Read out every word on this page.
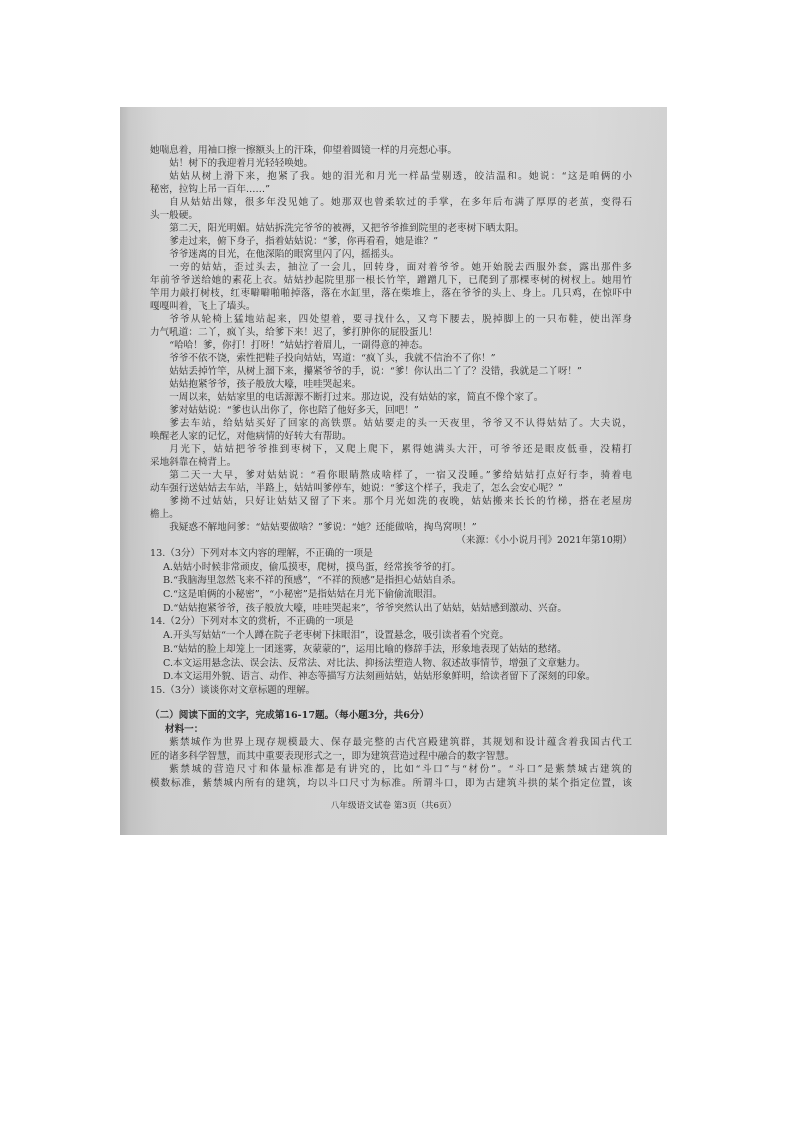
她喘息着，用袖口擦一擦额头上的汗珠，仰望着圆镜一样的月亮想心事。
姑！树下的我迎着月光轻轻唤她。
姑姑从树上滑下来，抱紧了我。她的泪光和月光一样晶莹剔透，皎洁温和。她说：“这是咱俩的小
秘密，拉钩上吊一百年……”
自从姑姑出嫁，很多年没见她了。她那双也曾柔软过的手掌，在多年后布满了厚厚的老茧，变得石
头一般硬。
第二天，阳光明媚。姑姑拆洗完爷爷的被褥，又把爷爷推到院里的老枣树下晒太阳。
爹走过来，俯下身子，指着姑姑说：“爹，你再看看，她是谁？”
爷爷迷离的目光，在他深陷的眼窝里闪了闪，摇摇头。
一旁的姑姑，歪过头去，抽泣了一会儿，回转身，面对着爷爷。她开始脱去西服外套，露出那件多
年前爷爷送给她的素花上衣。姑姑抄起院里那一根长竹竿，蹭蹭几下，已爬到了那棵枣树的树杈上。她用竹
竿用力敲打树枝，红枣噼噼啪啪掉落，落在水缸里，落在柴堆上，落在爷爷的头上、身上。几只鸡，在惊吓中
嘎嘎叫着，飞上了墙头。
爷爷从轮椅上猛地站起来，四处望着，要寻找什么，又弯下腰去，脱掉脚上的一只布鞋，使出浑身
力气吼道：二丫，疯丫头，给爹下来！迟了，爹打肿你的屁股蛋儿！
“哈哈！爹，你打！打呀！”姑姑拧着眉儿，一副得意的神态。
爷爷不依不饶，索性把鞋子投向姑姑，骂道：“疯丫头，我就不信治不了你！”
姑姑丢掉竹竿，从树上溜下来，攥紧爷爷的手，说：“爹！你认出二丫了？没错，我就是二丫呀！”
姑姑抱紧爷爷，孩子般放大嚎，哇哇哭起来。
一周以来，姑姑家里的电话源源不断打过来。那边说，没有姑姑的家，简直不像个家了。
爹对姑姑说：“爹也认出你了，你也陪了他好多天，回吧！”
爹去车站，给姑姑买好了回家的高铁票。姑姑要走的头一天夜里，爷爷又不认得姑姑了。大夫说，
唤醒老人家的记忆，对他病情的好转大有帮助。
月光下，姑姑把爷爷推到枣树下，又爬上爬下，累得她满头大汗，可爷爷还是眼皮低垂，没精打
采地斜靠在椅背上。
第二天一大早，爹对姑姑说：“看你眼睛熬成啥样了，一宿又没睡。”爹给姑姑打点好行李，骑着电
动车强行送姑姑去车站，半路上，姑姑叫爹停车，她说：“爹这个样子，我走了，怎么会安心呢？”
爹拗不过姑姑，只好让姑姑又留了下来。那个月光如洗的夜晚，姑姑搬来长长的竹梯，搭在老屋房
檐上。
我疑惑不解地问爹：“姑姑要做啥？”爹说：“她？还能做啥，掏鸟窝呗！”
（来源：《小小说月刊》2021年第10期）
13.（3分）下列对本文内容的理解，不正确的一项是
A.姑姑小时候非常顽皮，偷瓜摸枣，爬树，摸鸟蛋，经常挨爷爷的打。
B.“我脑海里忽然飞来不祥的预感”，“不祥的预感”是指担心姑姑自杀。
C.“这是咱俩的小秘密”，“小秘密”是指姑姑在月光下偷偷流眼泪。
D.“姑姑抱紧爷爷，孩子般放大嚎，哇哇哭起来”，爷爷突然认出了姑姑，姑姑感到激动、兴奋。
14.（2分）下列对本文的赏析，不正确的一项是
A.开头写姑姑“一个人蹲在院子老枣树下抹眼泪”，设置悬念，吸引读者看个究竟。
B.“姑姑的脸上却笼上一团迷雾，灰蒙蒙的”，运用比喻的修辞手法，形象地表现了姑姑的愁绪。
C.本文运用悬念法、误会法、反常法、对比法、抑扬法塑造人物、叙述故事情节，增强了文章魅力。
D.本文运用外貌、语言、动作、神态等描写方法刻画姑姑，姑姑形象鲜明，给读者留下了深刻的印象。
15.（3分）谈谈你对文章标题的理解。
（二）阅读下面的文字，完成第16-17题。（每小题3分，共6分）
材料一：
紫禁城作为世界上现存规模最大、保存最完整的古代宫殿建筑群，其规划和设计蕴含着我国古代工
匠的诸多科学智慧，而其中重要表现形式之一，即为建筑营造过程中融合的数字智慧。
紫禁城的营造尺寸和体量标准都是有讲究的，比如“斗口”与“材份”。“斗口”是紫禁城古建筑的
模数标准，紫禁城内所有的建筑，均以斗口尺寸为标准。所谓斗口，即为古建筑斗拱的某个指定位置，该
八年级语文试卷 第3页（共6页）
